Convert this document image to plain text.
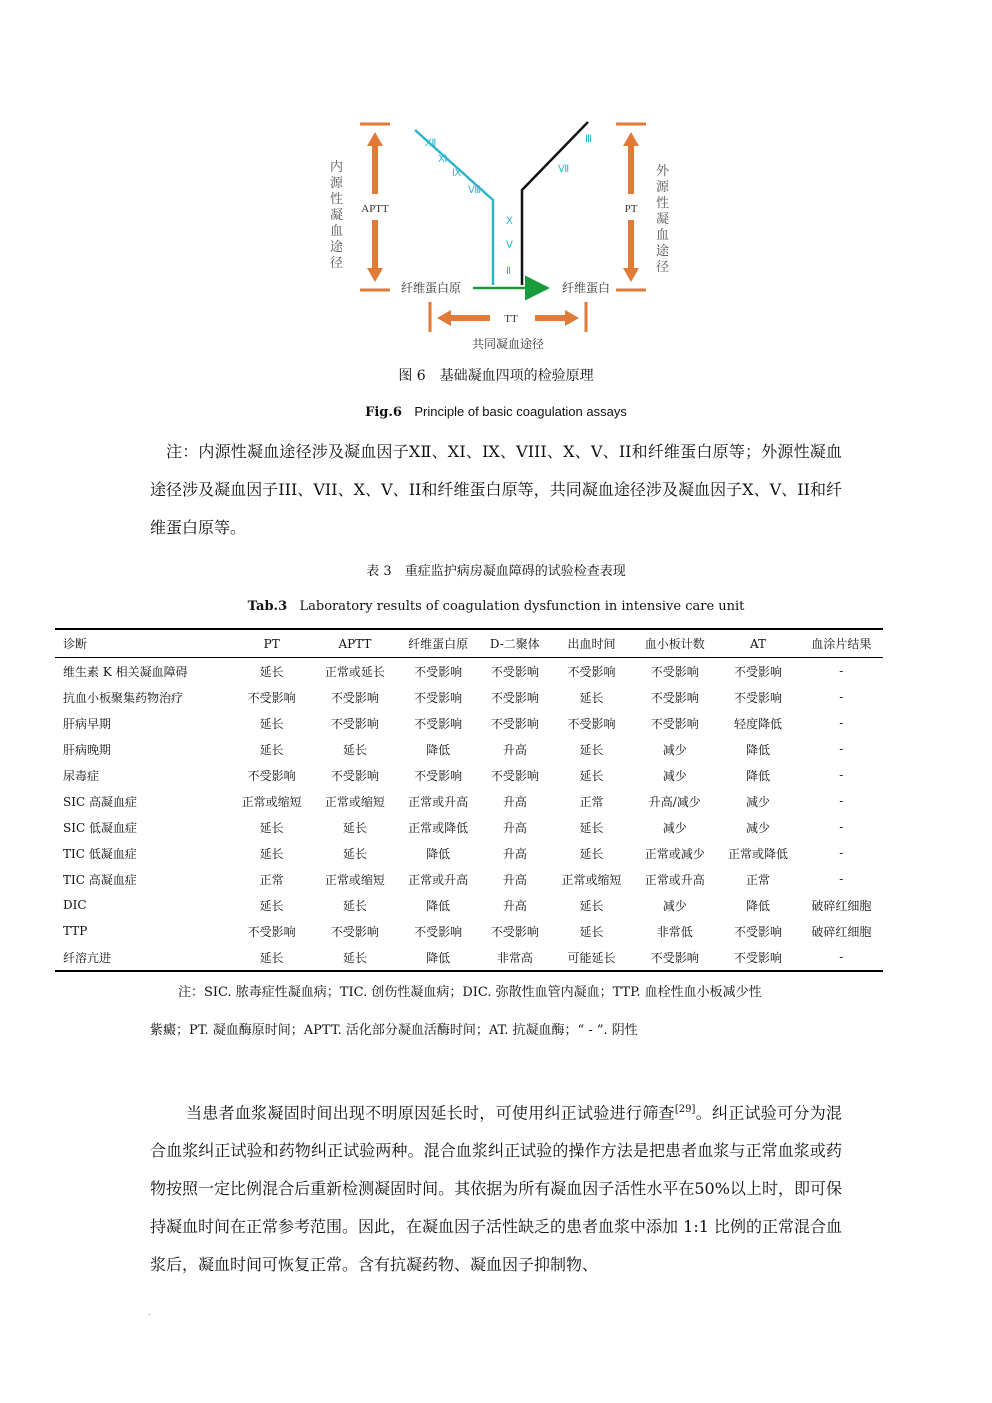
APTT	PT
TT
纤维蛋白原	纤维蛋白
共同凝血途径
Ⅻ
Ⅺ
Ⅸ
Ⅷ
Ⅹ
Ⅴ
Ⅱ
Ⅲ
Ⅶ
内源性凝血途径
外源性凝血途径
图 6　基础凝血四项的检验原理
Fig.6 Principle of basic coagulation assays
注：内源性凝血途径涉及凝血因子XⅡ、XⅠ、IX、VIII、X、V、II和纤维蛋白原等；外源性凝血途径涉及凝血因子III、VII、X、V、II和纤维蛋白原等，共同凝血途径涉及凝血因子X、V、II和纤维蛋白原等。
表 3　重症监护病房凝血障碍的试验检查表现
Tab.3 Laboratory results of coagulation dysfunction in intensive care unit
诊断	PT	APTT	纤维蛋白原	D-二聚体	出血时间	血小板计数	AT	血涂片结果
维生素 K 相关凝血障碍	延长	正常或延长	不受影响	不受影响	不受影响	不受影响	不受影响	-
抗血小板聚集药物治疗	不受影响	不受影响	不受影响	不受影响	延长	不受影响	不受影响	-
肝病早期	延长	不受影响	不受影响	不受影响	不受影响	不受影响	轻度降低	-
肝病晚期	延长	延长	降低	升高	延长	减少	降低	-
尿毒症	不受影响	不受影响	不受影响	不受影响	延长	减少	降低	-
SIC 高凝血症	正常或缩短	正常或缩短	正常或升高	升高	正常	升高/减少	减少	-
SIC 低凝血症	延长	延长	正常或降低	升高	延长	减少	减少	-
TIC 低凝血症	延长	延长	降低	升高	延长	正常或减少	正常或降低	-
TIC 高凝血症	正常	正常或缩短	正常或升高	升高	正常或缩短	正常或升高	正常	-
DIC	延长	延长	降低	升高	延长	减少	降低	破碎红细胞
TTP	不受影响	不受影响	不受影响	不受影响	延长	非常低	不受影响	破碎红细胞
纤溶亢进	延长	延长	降低	非常高	可能延长	不受影响	不受影响	-
注：SIC. 脓毒症性凝血病；TIC. 创伤性凝血病；DIC. 弥散性血管内凝血；TTP. 血栓性血小板减少性
紫癜；PT. 凝血酶原时间；APTT. 活化部分凝血活酶时间；AT. 抗凝血酶；“ - ”. 阴性

当患者血浆凝固时间出现不明原因延长时，可使用纠正试验进行筛查[29]。纠正试验可分为混合血浆纠正试验和药物纠正试验两种。混合血浆纠正试验的操作方法是把患者血浆与正常血浆或药物按照一定比例混合后重新检测凝固时间。其依据为所有凝血因子活性水平在50%以上时，即可保持凝血时间在正常参考范围。因此，在凝血因子活性缺乏的患者血浆中添加 1:1 比例的正常混合血浆后，凝血时间可恢复正常。含有抗凝药物、凝血因子抑制物、

.
